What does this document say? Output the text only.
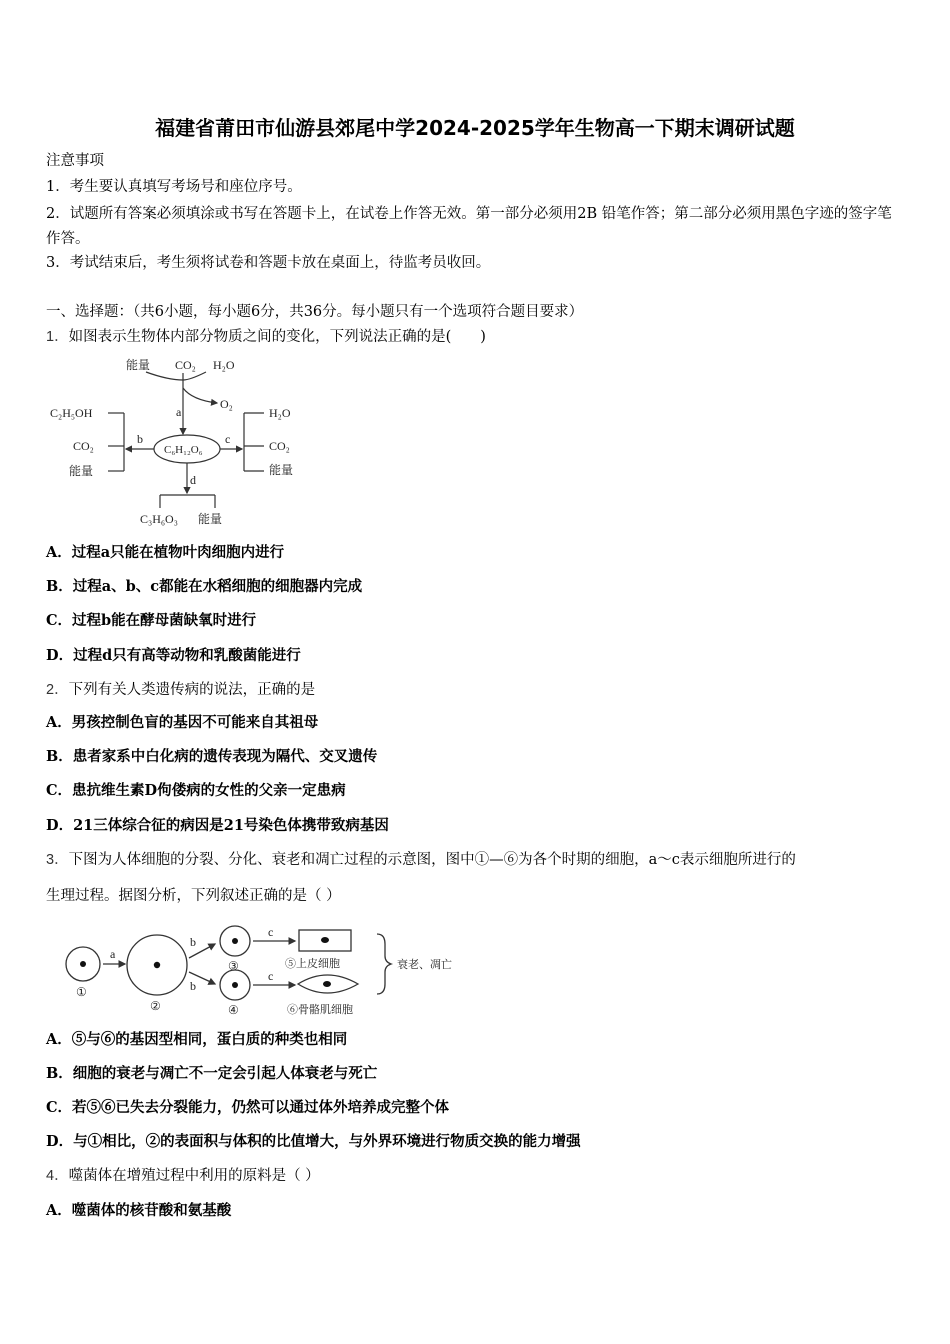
福建省莆田市仙游县郊尾中学2024-2025学年生物高一下期末调研试题
注意事项
1．考生要认真填写考场号和座位序号。
2．试题所有答案必须填涂或书写在答题卡上，在试卷上作答无效。第一部分必须用2B 铅笔作答；第二部分必须用黑色字迹的签字笔作答。
3．考试结束后，考生须将试卷和答题卡放在桌面上，待监考员收回。
一、选择题：（共6小题，每小题6分，共36分。每小题只有一个选项符合题目要求）
1．如图表示生物体内部分物质之间的变化，下列说法正确的是(　　)
能量 CO₂ H₂O
O₂
a
b	c
d
C₂H₅OH
CO₂
能量
H₂O
CO₂
能量
C₃H₆O₃ 能量
C₆H₁₂O₆
A．过程a只能在植物叶肉细胞内进行
B．过程a、b、c都能在水稻细胞的细胞器内完成
C．过程b能在酵母菌缺氧时进行
D．过程d只有高等动物和乳酸菌能进行
2．下列有关人类遗传病的说法，正确的是
A．男孩控制色盲的基因不可能来自其祖母
B．患者家系中白化病的遗传表现为隔代、交叉遗传
C．患抗维生素D佝偻病的女性的父亲一定患病
D．21三体综合征的病因是21号染色体携带致病基因
3．下图为人体细胞的分裂、分化、衰老和凋亡过程的示意图，图中①—⑥为各个时期的细胞，a～c表示细胞所进行的
生理过程。据图分析，下列叙述正确的是（ ）
①
②
③
④
a
b
b
c
c
⑤上皮细胞
⑥骨骼肌细胞
衰老、凋亡
A．⑤与⑥的基因型相同，蛋白质的种类也相同
B．细胞的衰老与凋亡不一定会引起人体衰老与死亡
C．若⑤⑥已失去分裂能力，仍然可以通过体外培养成完整个体
D．与①相比，②的表面积与体积的比值增大，与外界环境进行物质交换的能力增强
4．噬菌体在增殖过程中利用的原料是（ ）
A．噬菌体的核苷酸和氨基酸
